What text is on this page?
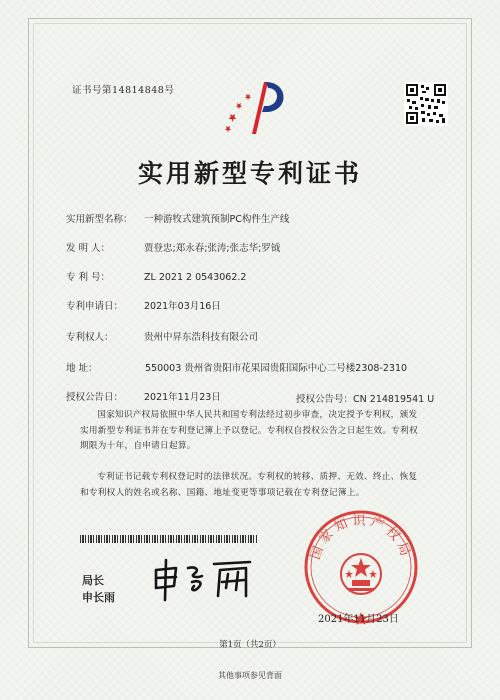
证书号第14814848号
实用新型专利证书
实用新型名称： 一种游牧式建筑预制PC构件生产线
发 明 人：	贾登忠;郑永春;张涛;张志华;罗钺
专 利 号：	ZL 2021 2 0543062.2
专利申请日： 2021年03月16日
专利权人：	贵州中昇东浩科技有限公司
地 址：	550003 贵州省贵阳市花果园贵阳国际中心二号楼2308-2310
授权公告日： 2021年11月23日	授权公告号：CN 214819541 U
国家知识产权局依照中华人民共和国专利法经过初步审查，决定授予专利权，颁发实用新型专利证书并在专利登记簿上予以登记。专利权自授权公告之日起生效。专利权期限为十年，自申请日起算。
专利证书记载专利权登记时的法律状况。专利权的转移、质押、无效、终止、恢复和专利权人的姓名或名称、国籍、地址变更等事项记载在专利登记簿上。
局长
申长雨
国家知识产权局
2021年11月23日
第1页（共2页）
其他事项参见背面
